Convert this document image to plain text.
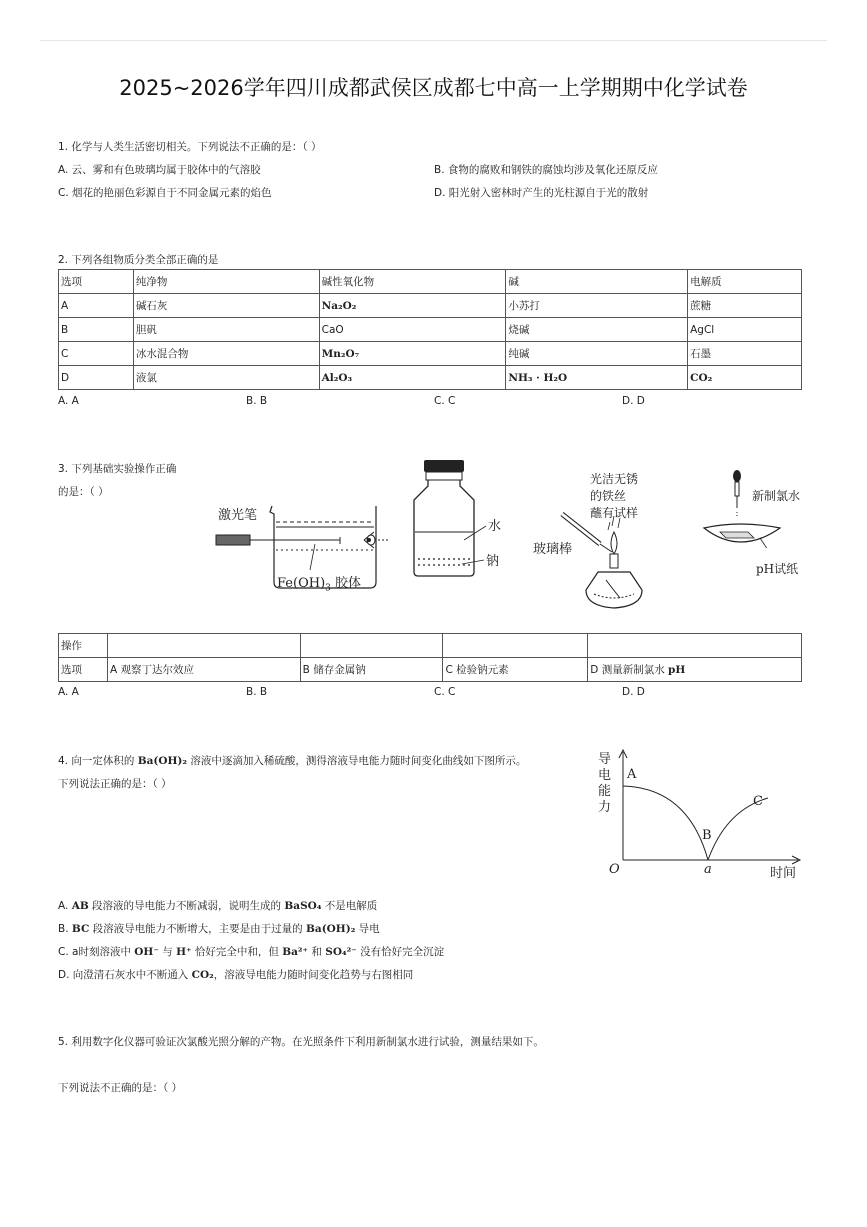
2025~2026学年四川成都武侯区成都七中高一上学期期中化学试卷
1. 化学与人类生活密切相关。下列说法不正确的是：（ ）
A. 云、雾和有色玻璃均属于胶体中的气溶胶	B. 食物的腐败和钢铁的腐蚀均涉及氧化还原反应
C. 烟花的艳丽色彩源自于不同金属元素的焰色	D. 阳光射入密林时产生的光柱源自于光的散射
2. 下列各组物质分类全部正确的是
选项	纯净物	碱性氧化物	碱	电解质
A	碱石灰	Na₂O₂	小苏打	蔗糖
B	胆矾	CaO	烧碱	AgCl
C	冰水混合物	Mn₂O₇	纯碱	石墨
D	液氯	Al₂O₃	NH₃ · H₂O	CO₂
A. A	B. B	C. C	D. D
3. 下列基础实验操作正确
的是：（ ）
激光笔
$Fe(OH)_3$ 胶体
水
钠
光洁无锈
的铁丝
蘸有试样
玻璃棒
新制氯水
pH试纸
操作				
选项	A 观察丁达尔效应	B 储存金属钠	C 检验钠元素	D 测量新制氯水 pH
A. A	B. B	C. C	D. D
4. 向一定体积的 Ba(OH)₂ 溶液中逐滴加入稀硫酸，测得溶液导电能力随时间变化曲线如下图所示。
下列说法正确的是：（ ）
导
电
能
力
A
B
C
O	a	时间
A. AB 段溶液的导电能力不断减弱，说明生成的 BaSO₄ 不是电解质
B. BC 段溶液导电能力不断增大，主要是由于过量的 Ba(OH)₂ 导电
C. a时刻溶液中 OH⁻ 与 H⁺ 恰好完全中和，但 Ba²⁺ 和 SO₄²⁻ 没有恰好完全沉淀
D. 向澄清石灰水中不断通入 CO₂，溶液导电能力随时间变化趋势与右图相同
5. 利用数字化仪器可验证次氯酸光照分解的产物。在光照条件下利用新制氯水进行试验，测量结果如下。
下列说法不正确的是：（ ）
